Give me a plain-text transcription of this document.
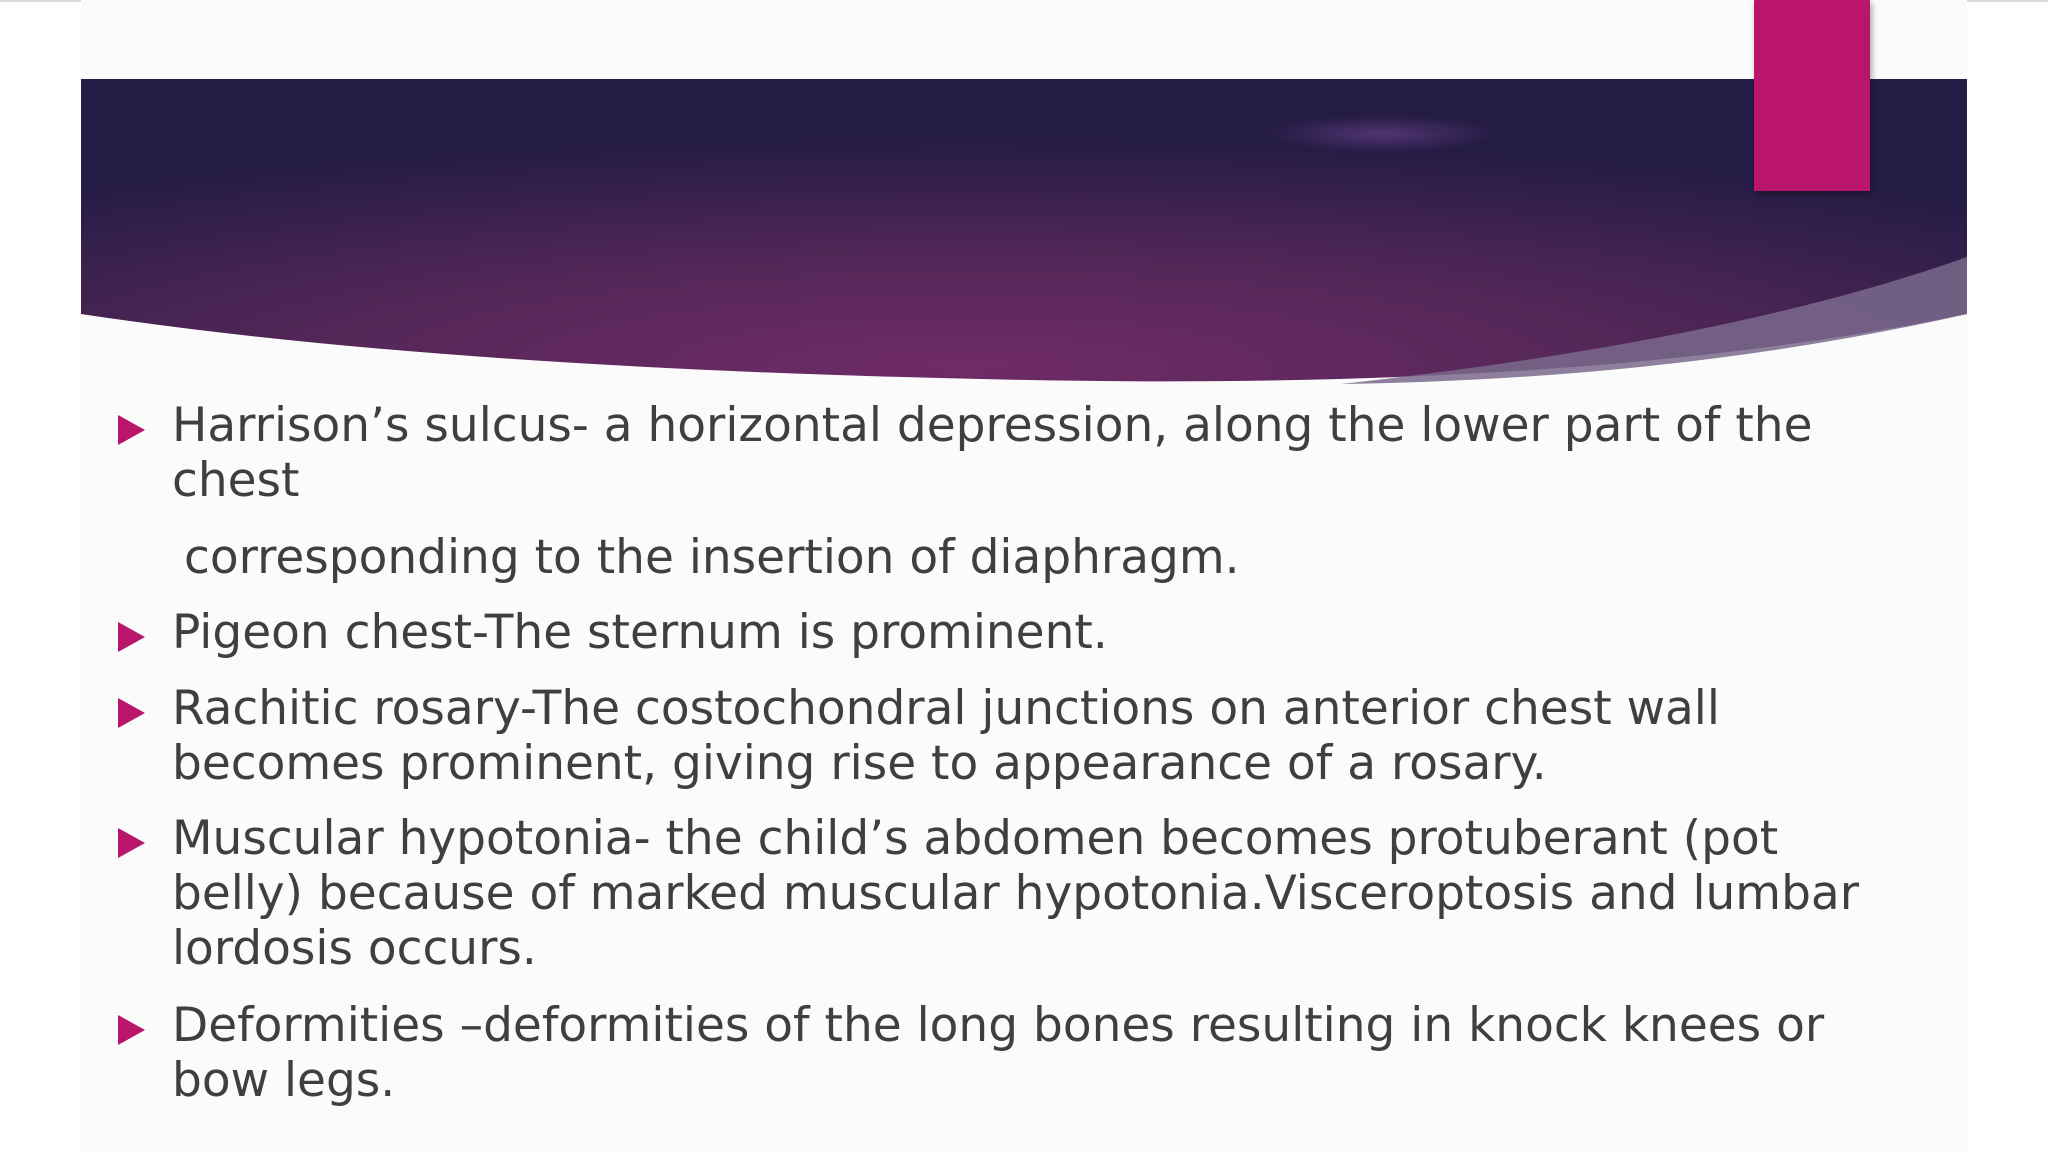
Harrison’s sulcus- a horizontal depression, along the lower part of the chest
corresponding to the insertion of diaphragm.
Pigeon chest-The sternum is prominent.
Rachitic rosary-The costochondral junctions on anterior chest wall becomes prominent, giving rise to appearance of a rosary.
Muscular hypotonia- the child’s abdomen becomes protuberant (pot belly) because of marked muscular hypotonia.Visceroptosis and lumbar lordosis occurs.
Deformities –deformities of the long bones resulting in knock knees or bow legs.
